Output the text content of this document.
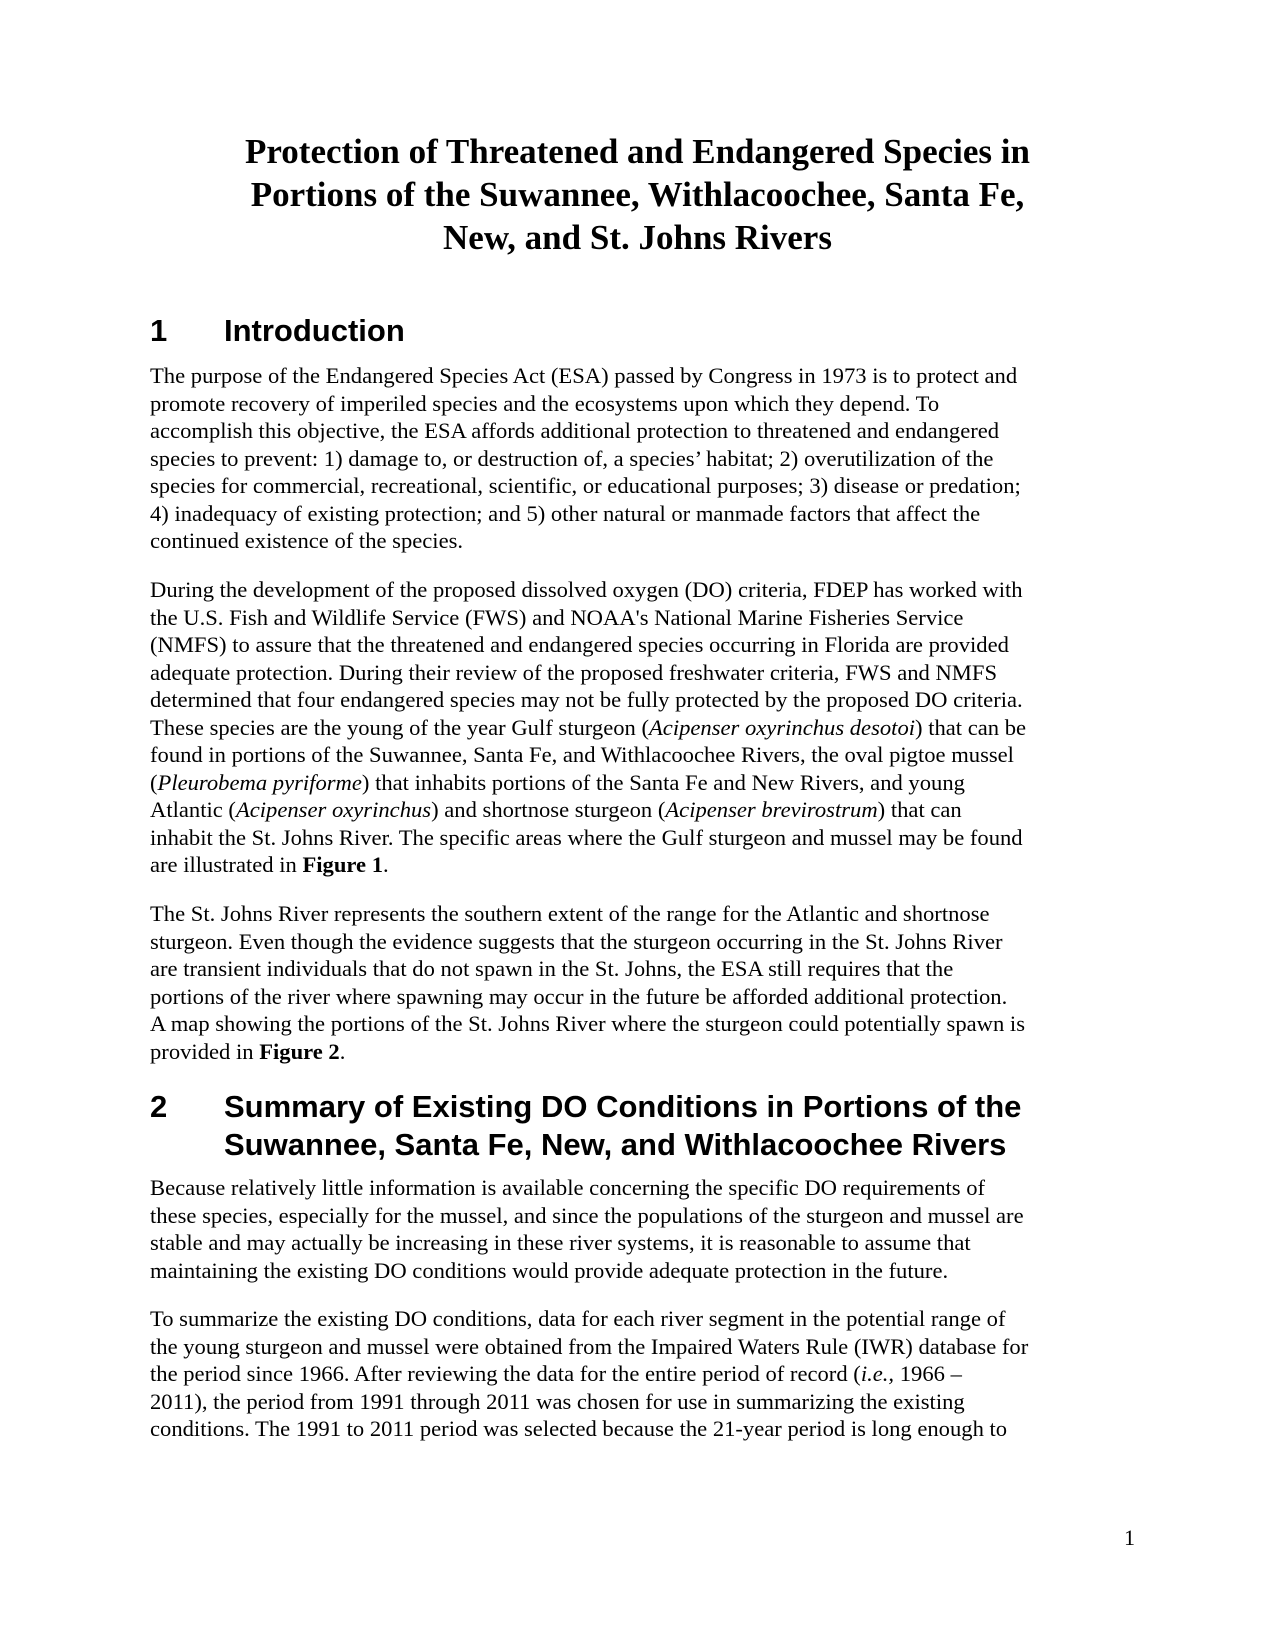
Protection of Threatened and Endangered Species in
Portions of the Suwannee, Withlacoochee, Santa Fe,
New, and St. Johns Rivers
1 Introduction

The purpose of the Endangered Species Act (ESA) passed by Congress in 1973 is to protect and
promote recovery of imperiled species and the ecosystems upon which they depend. To
accomplish this objective, the ESA affords additional protection to threatened and endangered
species to prevent: 1) damage to, or destruction of, a species’ habitat; 2) overutilization of the
species for commercial, recreational, scientific, or educational purposes; 3) disease or predation;
4) inadequacy of existing protection; and 5) other natural or manmade factors that affect the
continued existence of the species.

During the development of the proposed dissolved oxygen (DO) criteria, FDEP has worked with
the U.S. Fish and Wildlife Service (FWS) and NOAA's National Marine Fisheries Service
(NMFS) to assure that the threatened and endangered species occurring in Florida are provided
adequate protection. During their review of the proposed freshwater criteria, FWS and NMFS
determined that four endangered species may not be fully protected by the proposed DO criteria.
These species are the young of the year Gulf sturgeon (Acipenser oxyrinchus desotoi) that can be
found in portions of the Suwannee, Santa Fe, and Withlacoochee Rivers, the oval pigtoe mussel
(Pleurobema pyriforme) that inhabits portions of the Santa Fe and New Rivers, and young
Atlantic (Acipenser oxyrinchus) and shortnose sturgeon (Acipenser brevirostrum) that can
inhabit the St. Johns River. The specific areas where the Gulf sturgeon and mussel may be found
are illustrated in Figure 1.

The St. Johns River represents the southern extent of the range for the Atlantic and shortnose
sturgeon. Even though the evidence suggests that the sturgeon occurring in the St. Johns River
are transient individuals that do not spawn in the St. Johns, the ESA still requires that the
portions of the river where spawning may occur in the future be afforded additional protection.
A map showing the portions of the St. Johns River where the sturgeon could potentially spawn is
provided in Figure 2.

2 Summary of Existing DO Conditions in Portions of the
Suwannee, Santa Fe, New, and Withlacoochee Rivers

Because relatively little information is available concerning the specific DO requirements of
these species, especially for the mussel, and since the populations of the sturgeon and mussel are
stable and may actually be increasing in these river systems, it is reasonable to assume that
maintaining the existing DO conditions would provide adequate protection in the future.

To summarize the existing DO conditions, data for each river segment in the potential range of
the young sturgeon and mussel were obtained from the Impaired Waters Rule (IWR) database for
the period since 1966. After reviewing the data for the entire period of record (i.e., 1966 –
2011), the period from 1991 through 2011 was chosen for use in summarizing the existing
conditions. The 1991 to 2011 period was selected because the 21-year period is long enough to

1
